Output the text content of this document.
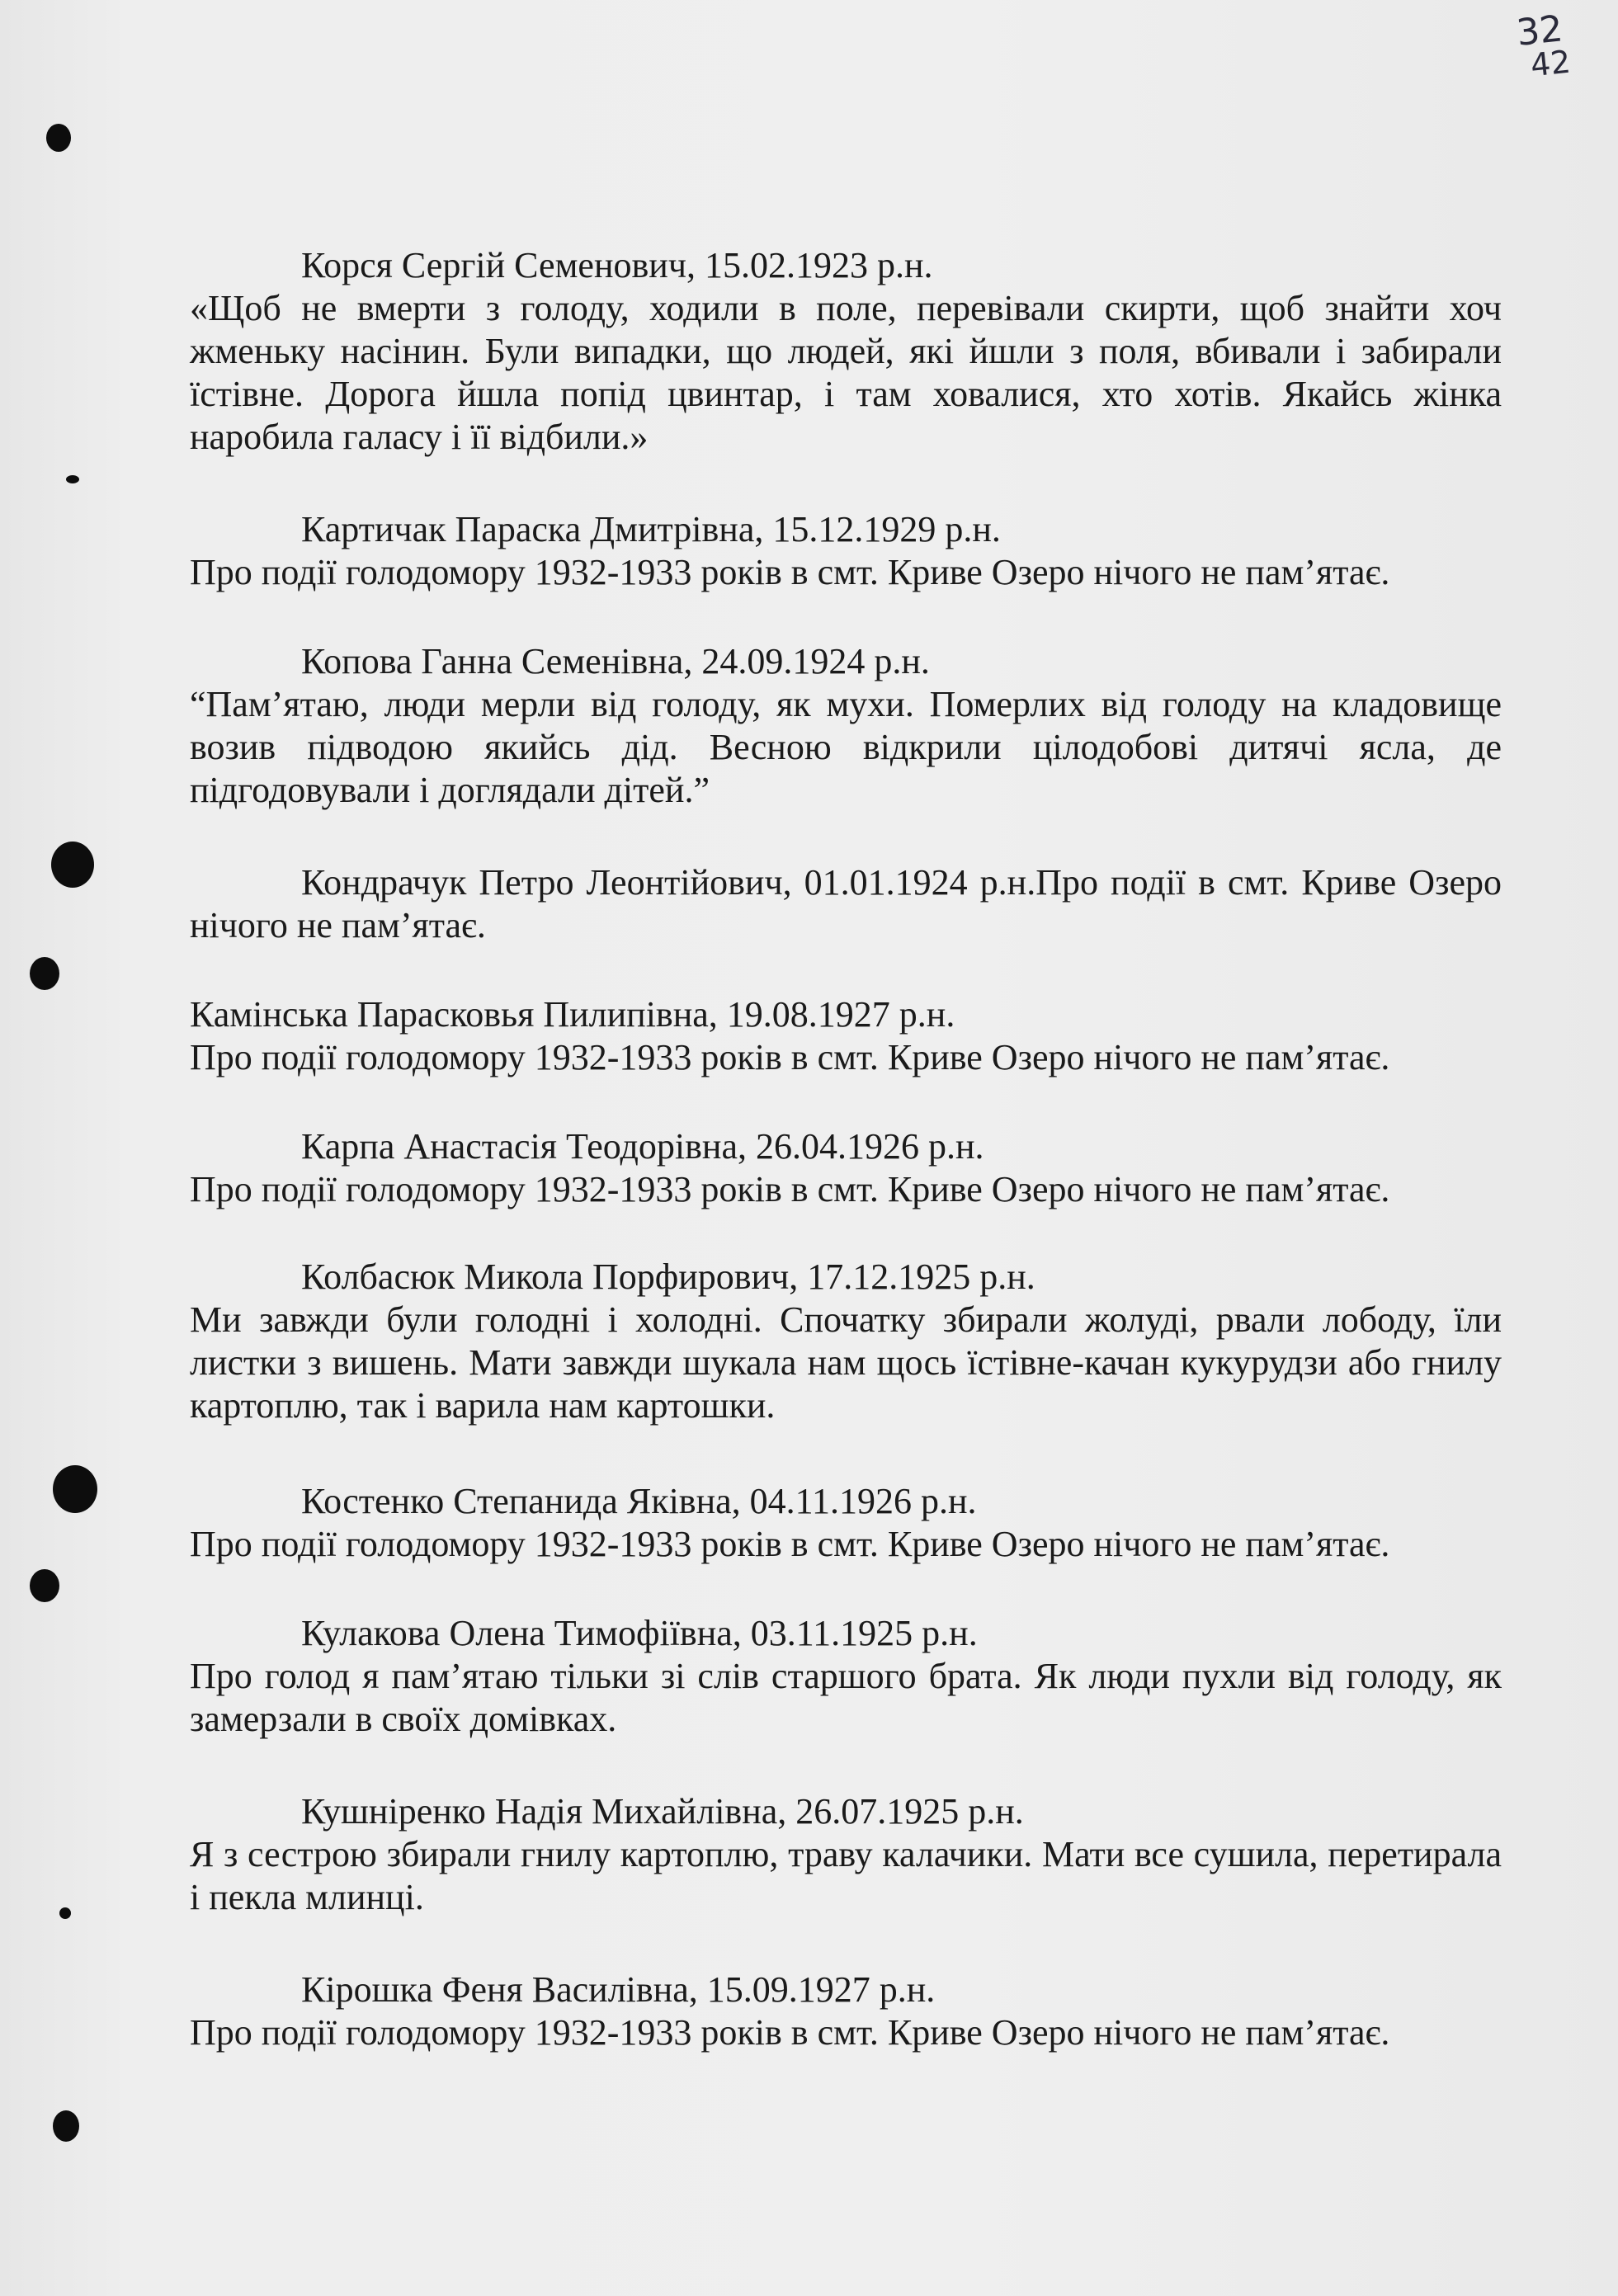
32
42
Корся Сергій Семенович, 15.02.1923 р.н.
«Щоб не вмерти з голоду, ходили в поле, перевівали скирти, щоб знайти хоч жменьку насінин. Були випадки, що людей, які йшли з поля, вбивали і забирали їстівне. Дорога йшла попід цвинтар, і там ховалися, хто хотів. Якайсь жінка наробила галасу і її відбили.»
Картичак Параска Дмитрівна, 15.12.1929 р.н.
Про події голодомору 1932-1933 років в смт. Криве Озеро нічого не пам’ятає.
Копова Ганна Семенівна, 24.09.1924 р.н.
“Пам’ятаю, люди мерли від голоду, як мухи. Померлих від голоду на кладовище возив підводою якийсь дід. Весною відкрили цілодобові дитячі ясла, де підгодовували і доглядали дітей.”
Кондрачук Петро Леонтійович, 01.01.1924 р.н.Про події в смт. Криве Озеро нічого не пам’ятає.
Камінська Парасковья Пилипівна, 19.08.1927 р.н.
Про події голодомору 1932-1933 років в смт. Криве Озеро нічого не пам’ятає.
Карпа Анастасія Теодорівна, 26.04.1926 р.н.
Про події голодомору 1932-1933 років в смт. Криве Озеро нічого не пам’ятає.
Колбасюк Микола Порфирович, 17.12.1925 р.н.
Ми завжди були голодні і холодні. Спочатку збирали жолуді, рвали лободу, їли листки з вишень. Мати завжди шукала нам щось їстівне-качан кукурудзи або гнилу картоплю, так і варила нам картошки.
Костенко Степанида Яківна, 04.11.1926 р.н.
Про події голодомору 1932-1933 років в смт. Криве Озеро нічого не пам’ятає.
Кулакова Олена Тимофіївна, 03.11.1925 р.н.
Про голод я пам’ятаю тільки зі слів старшого брата. Як люди пухли від голоду, як замерзали в своїх домівках.
Кушніренко Надія Михайлівна, 26.07.1925 р.н.
Я з сестрою збирали гнилу картоплю, траву калачики. Мати все сушила, перетирала і пекла млинці.
Кірошка Феня Василівна, 15.09.1927 р.н.
Про події голодомору 1932-1933 років в смт. Криве Озеро нічого не пам’ятає.
